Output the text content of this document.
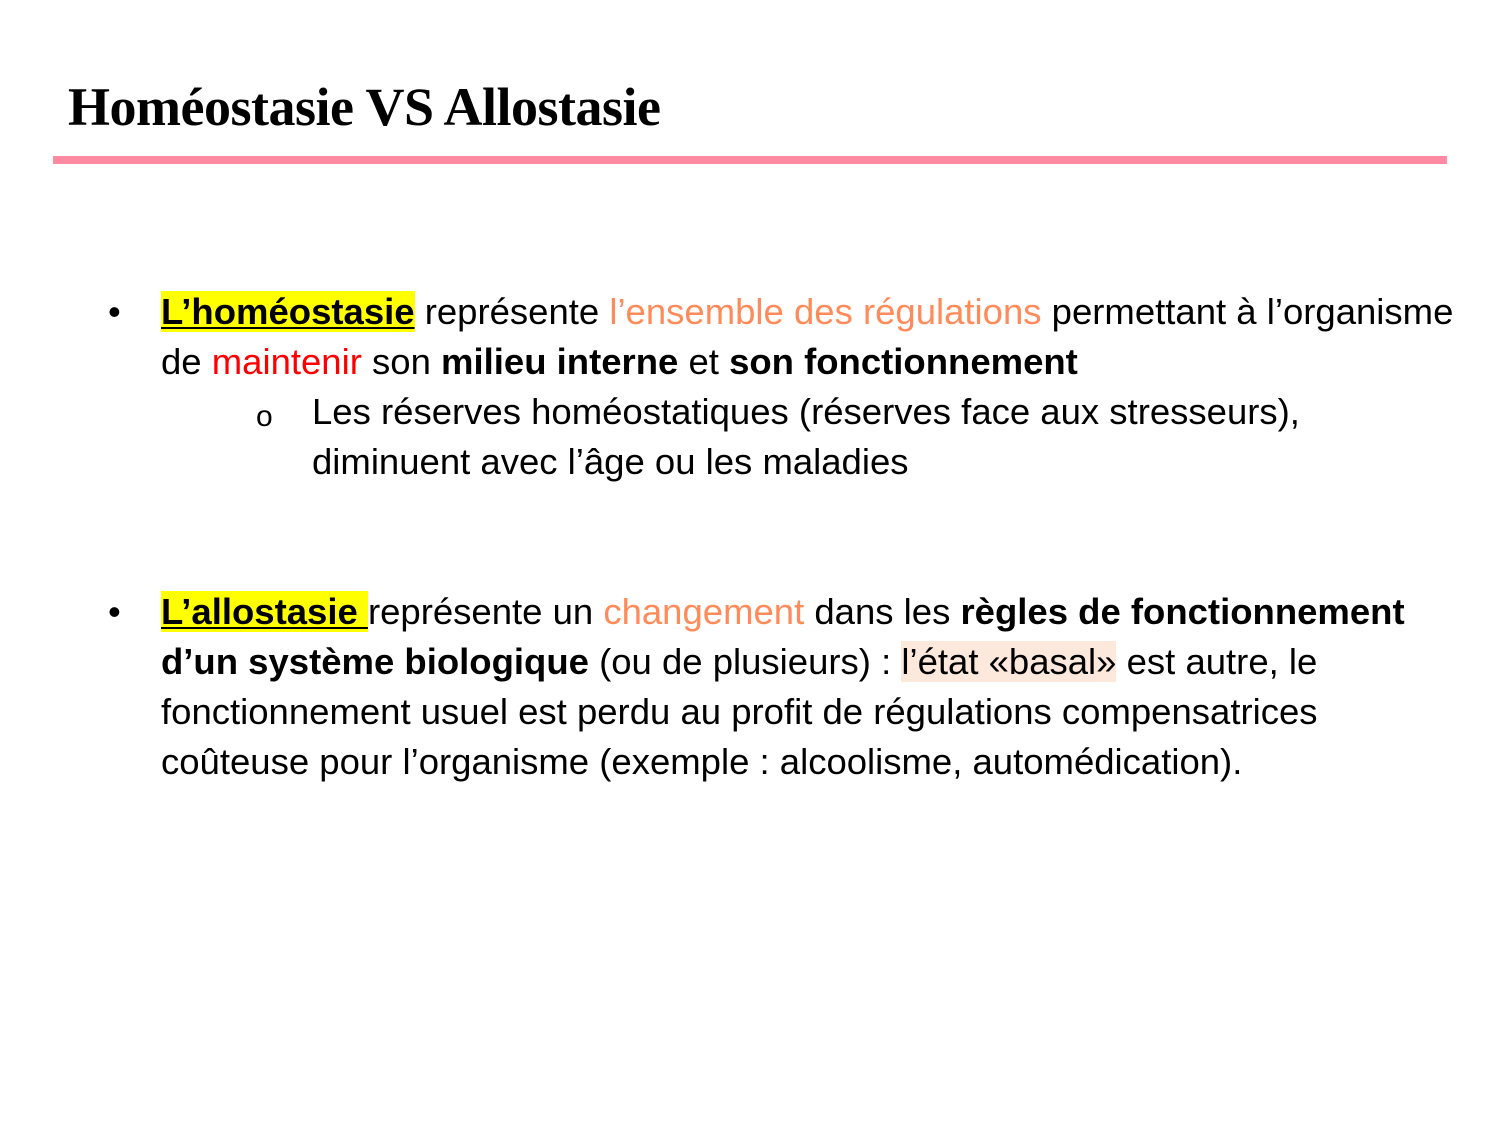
Homéostasie VS Allostasie
•	L’homéostasie représente l’ensemble des régulations permettant à l’organisme de maintenir son milieu interne et son fonctionnement
o Les réserves homéostatiques (réserves face aux stresseurs), diminuent avec l’âge ou les maladies
•	L’allostasie représente un changement dans les règles de fonctionnement d’un système biologique (ou de plusieurs) : l’état «basal» est autre, le fonctionnement usuel est perdu au profit de régulations compensatrices coûteuse pour l’organisme (exemple : alcoolisme, automédication).
